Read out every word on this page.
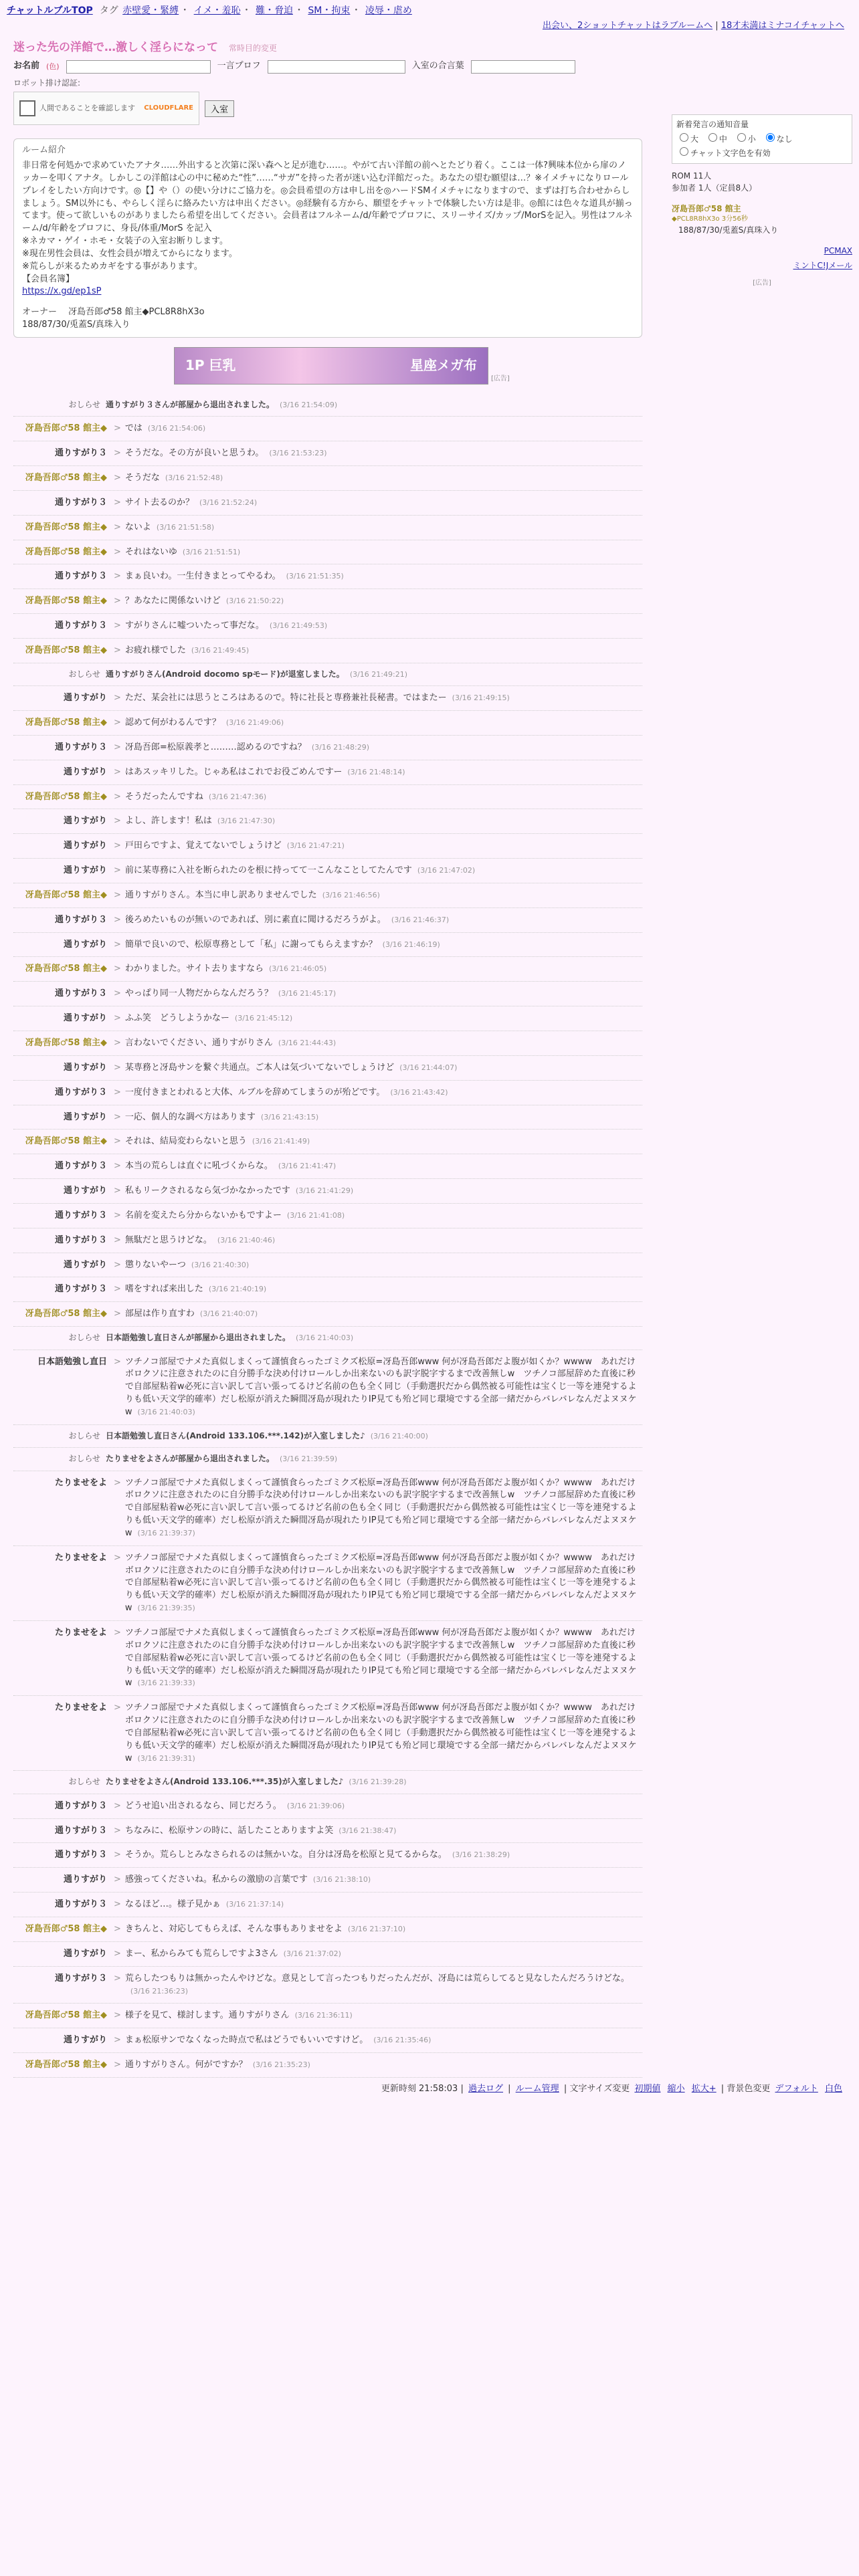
チャットルブルTOP タグ 赤壁愛・緊縛 ・ イメ・羞恥 ・ 難・脅迫 ・ SM・拘束 ・ 凌辱・虐め
出会い、2ショットチャットはラブルームへ | 18才未満はミナコイチャットへ
迷った先の洋館で…激しく淫らになって 常時目的変更
お名前 (色)	一言プロフ	入室の合言葉
ロボット排け認証:
人間であることを確認します CLOUDFLARE	入室
ルーム紹介

非日常を何処かで求めていたアナタ……外出すると次第に深い森へと足が進む……。やがて古い洋館の前へとたどり着く。ここは一体?興味本位から扉のノッカーを叩くアナタ。しかしこの洋館は心の中に秘めた“性”……“サガ”を持った者が迷い込む洋館だった。あなたの望む願望は…？※イメチャになりロールプレイをしたい方向けです。◎【】や（）の使い分けにご協力を。◎会員希望の方は申し出を◎ハードSMイメチャになりますので、まずは打ち合わせからしましょう。SM以外にも、やらしく淫らに絡みたい方は申出ください。◎経験有る方から、願望をチャットで体験したい方は是非。◎館には色々な道具が揃ってます。使って欲しいものがありましたら希望を出してください。会員者はフルネーム/d/年齢でプロフに、スリーサイズ/カップ/MorSを記入。男性はフルネーム/d/年齢をプロフに、身長/体重/MorS を記入
※ネカマ・ゲイ・ホモ・女装子の入室お断りします。
※現在男性会員は、女性会員が増えてからになります。
※荒らしが来るためカギをする事があります。
【会員名簿】

https://x.gd/ep1sP
オーナー　 冴島吾郎♂58 館主◆PCL8R8hX3o
188/87/30/兎蓋S/真珠入り
1P 巨乳	星座メガ布
[広告]
おしらせ 通りすがり３さんが部屋から退出されました。 (3/16 21:54:09)
冴島吾郎♂58 館主◆ > では (3/16 21:54:06)
通りすがり３ > そうだな。その方が良いと思うわ。 (3/16 21:53:23)
冴島吾郎♂58 館主◆ > そうだな (3/16 21:52:48)
通りすがり３ > サイト去るのか？ (3/16 21:52:24)
冴島吾郎♂58 館主◆ > ないよ (3/16 21:51:58)
冴島吾郎♂58 館主◆ > それはないゆ (3/16 21:51:51)
通りすがり３ > まぁ良いわ。一生付きまとってやるわ。 (3/16 21:51:35)
冴島吾郎♂58 館主◆ > ？あなたに関係ないけど (3/16 21:50:22)
通りすがり３ > すがりさんに嘘ついたって事だな。 (3/16 21:49:53)
冴島吾郎♂58 館主◆ > お疲れ様でした (3/16 21:49:45)
おしらせ 通りすがりさん(Android docomo spモード)が退室しました。 (3/16 21:49:21)
通りすがり > ただ、某会社には思うところはあるので。特に社長と専務兼社長秘書。ではまたー (3/16 21:49:15)
冴島吾郎♂58 館主◆ > 認めて何がわるんです？ (3/16 21:49:06)
通りすがり３ > 冴島吾郎=松原義孝と………認めるのですね？ (3/16 21:48:29)
通りすがり > はあスッキリした。じゃあ私はこれでお役ごめんですー (3/16 21:48:14)
冴島吾郎♂58 館主◆ > そうだったんですね (3/16 21:47:36)
通りすがり > よし、許します！私は (3/16 21:47:30)
通りすがり > 戸田らですよ、覚えてないでしょうけど (3/16 21:47:21)
通りすがり > 前に某専務に入社を断られたのを根に持ってて一こんなことしてたんです (3/16 21:47:02)
冴島吾郎♂58 館主◆ > 通りすがりさん。本当に申し訳ありませんでした (3/16 21:46:56)
通りすがり３ > 後ろめたいものが無いのであれば、別に素直に聞けるだろうがよ。 (3/16 21:46:37)
通りすがり > 簡単で良いので、松原専務として「私」に謝ってもらえますか？ (3/16 21:46:19)
冴島吾郎♂58 館主◆ > わかりました。サイト去りますなら (3/16 21:46:05)
通りすがり３ > やっぱり同一人物だからなんだろう？ (3/16 21:45:17)
通りすがり > ふふ笑　どうしようかなー (3/16 21:45:12)
冴島吾郎♂58 館主◆ > 言わないでください、通りすがりさん (3/16 21:44:43)
通りすがり > 某専務と冴島サンを繋ぐ共通点。ご本人は気づいてないでしょうけど (3/16 21:44:07)
通りすがり３ > 一度付きまとわれると大体、ルブルを辞めてしまうのが殆どです。 (3/16 21:43:42)
通りすがり > 一応、個人的な調べ方はあります (3/16 21:43:15)
冴島吾郎♂58 館主◆ > それは、結局変わらないと思う (3/16 21:41:49)
通りすがり３ > 本当の荒らしは直ぐに吼づくからな。 (3/16 21:41:47)
通りすがり > 私もリークされるなら気づかなかったです (3/16 21:41:29)
通りすがり３ > 名前を変えたら分からないかもですよー (3/16 21:41:08)
通りすがり３ > 無駄だと思うけどな。 (3/16 21:40:46)
通りすがり > 懲りないやーつ (3/16 21:40:30)
通りすがり３ > 嗜をすれば来出した (3/16 21:40:19)
冴島吾郎♂58 館主◆ > 部屋は作り直すわ (3/16 21:40:07)
おしらせ 日本語勉強し直日さんが部屋から退出されました。 (3/16 21:40:03)
日本語勉強し直日 > ツチノコ部屋でナメた真似しまくって謹慎食らったゴミクズ松原=冴島吾郎www 何が冴島吾郎だよ腹が如くか？wwww　あれだけボロクソに注意されたのに自分勝手な決め付けロールしか出来ないのも訳字脱字するまで改善無しw　ツチノコ部屋辞めた直後に秒で自部屋粘着w必死に言い訳して言い張ってるけど名前の色も全く同じ（手動選択だから偶然被る可能性は宝くじ一等を連発するよりも低い天文学的確率）だし松原が消えた瞬間冴島が現れたりIP見ても殆ど同じ環境でする全部一緒だからバレバレなんだよヌヌケw (3/16 21:40:03)
おしらせ 日本語勉強し直日さん(Android 133.106.***.142)が入室しました♪ (3/16 21:40:00)
おしらせ たりませをよさんが部屋から退出されました。 (3/16 21:39:59)
たりませをよ > ツチノコ部屋でナメた真似しまくって謹慎食らったゴミクズ松原=冴島吾郎www 何が冴島吾郎だよ腹が如くか？wwww　あれだけボロクソに注意されたのに自分勝手な決め付けロールしか出来ないのも訳字脱字するまで改善無しw　ツチノコ部屋辞めた直後に秒で自部屋粘着w必死に言い訳して言い張ってるけど名前の色も全く同じ（手動選択だから偶然被る可能性は宝くじ一等を連発するよりも低い天文学的確率）だし松原が消えた瞬間冴島が現れたりIP見ても殆ど同じ環境でする全部一緒だからバレバレなんだよヌヌケw (3/16 21:39:37)
たりませをよ > ツチノコ部屋でナメた真似しまくって謹慎食らったゴミクズ松原=冴島吾郎www 何が冴島吾郎だよ腹が如くか？wwww　あれだけボロクソに注意されたのに自分勝手な決め付けロールしか出来ないのも訳字脱字するまで改善無しw　ツチノコ部屋辞めた直後に秒で自部屋粘着w必死に言い訳して言い張ってるけど名前の色も全く同じ（手動選択だから偶然被る可能性は宝くじ一等を連発するよりも低い天文学的確率）だし松原が消えた瞬間冴島が現れたりIP見ても殆ど同じ環境でする全部一緒だからバレバレなんだよヌヌケw (3/16 21:39:35)
たりませをよ > ツチノコ部屋でナメた真似しまくって謹慎食らったゴミクズ松原=冴島吾郎www 何が冴島吾郎だよ腹が如くか？wwww　あれだけボロクソに注意されたのに自分勝手な決め付けロールしか出来ないのも訳字脱字するまで改善無しw　ツチノコ部屋辞めた直後に秒で自部屋粘着w必死に言い訳して言い張ってるけど名前の色も全く同じ（手動選択だから偶然被る可能性は宝くじ一等を連発するよりも低い天文学的確率）だし松原が消えた瞬間冴島が現れたりIP見ても殆ど同じ環境でする全部一緒だからバレバレなんだよヌヌケw (3/16 21:39:33)
たりませをよ > ツチノコ部屋でナメた真似しまくって謹慎食らったゴミクズ松原=冴島吾郎www 何が冴島吾郎だよ腹が如くか？wwww　あれだけボロクソに注意されたのに自分勝手な決め付けロールしか出来ないのも訳字脱字するまで改善無しw　ツチノコ部屋辞めた直後に秒で自部屋粘着w必死に言い訳して言い張ってるけど名前の色も全く同じ（手動選択だから偶然被る可能性は宝くじ一等を連発するよりも低い天文学的確率）だし松原が消えた瞬間冴島が現れたりIP見ても殆ど同じ環境でする全部一緒だからバレバレなんだよヌヌケw (3/16 21:39:31)
おしらせ たりませをよさん(Android 133.106.***.35)が入室しました♪ (3/16 21:39:28)
通りすがり３ > どうせ追い出されるなら、同じだろう。 (3/16 21:39:06)
通りすがり３ > ちなみに、松原サンの時に、話したことありますよ笑 (3/16 21:38:47)
通りすがり３ > そうか。荒らしとみなさられるのは無かいな。自分は冴島を松原と見てるからな。 (3/16 21:38:29)
通りすがり > 感強ってくださいね。私からの激励の言葉です (3/16 21:38:10)
通りすがり３ > なるほど…。様子見かぁ (3/16 21:37:14)
冴島吾郎♂58 館主◆ > きちんと、対応してもらえば、そんな事もありませをよ (3/16 21:37:10)
通りすがり > まー、私からみても荒らしですよ3さん (3/16 21:37:02)
通りすがり３ > 荒らしたつもりは無かったんやけどな。意見として言ったつもりだったんだが、冴島には荒らしてると見なしたんだろうけどな。(3/16 21:36:23)
冴島吾郎♂58 館主◆ > 様子を見て、様討します。通りすがりさん (3/16 21:36:11)
通りすがり > まぁ松原サンでなくなった時点で私はどうでもいいですけど。 (3/16 21:35:46)
冴島吾郎♂58 館主◆ > 通りすがりさん。何がですか？ (3/16 21:35:23)
新着発言の通知音量
大	中	小	なし
チャット文字色を有効
ROM 11人
参加者 1人（定員8人）
冴島吾郎♂58 館主
◆PCL8R8hX3o 3分56秒
188/87/30/兎蓋S/真珠入り
PCMAX
ミントC!Jメール
[広告]
更新時刻 21:58:03 | 過去ログ | ルーム管理 | 文字サイズ変更 初期値 縮小 拡大+ | 背景色変更 デフォルト 白色
